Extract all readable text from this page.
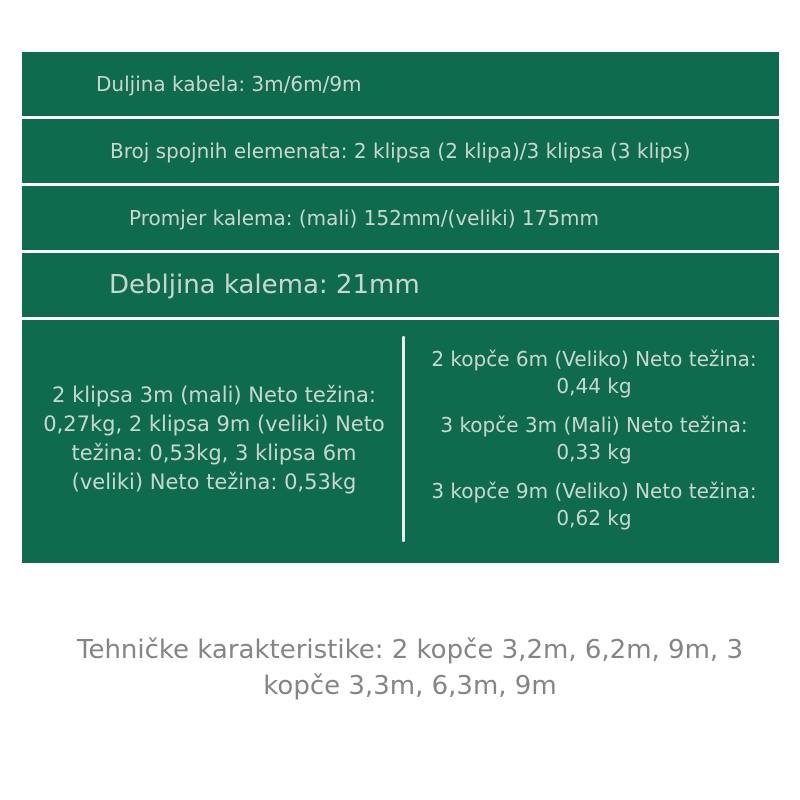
Duljina kabela: 3m/6m/9m
Broj spojnih elemenata: 2 klipsa (2 klipa)/3 klipsa (3 klips)
Promjer kalema: (mali) 152mm/(veliki) 175mm
Debljina kalema: 21mm
2 klipsa 3m (mali) Neto težina: 0,27kg, 2 klipsa 9m (veliki) Neto težina: 0,53kg, 3 klipsa 6m (veliki) Neto težina: 0,53kg
2 kopče 6m (Veliko) Neto težina: 0,44 kg
3 kopče 3m (Mali) Neto težina: 0,33 kg
3 kopče 9m (Veliko) Neto težina: 0,62 kg
Tehničke karakteristike: 2 kopče 3,2m, 6,2m, 9m, 3 kopče 3,3m, 6,3m, 9m
